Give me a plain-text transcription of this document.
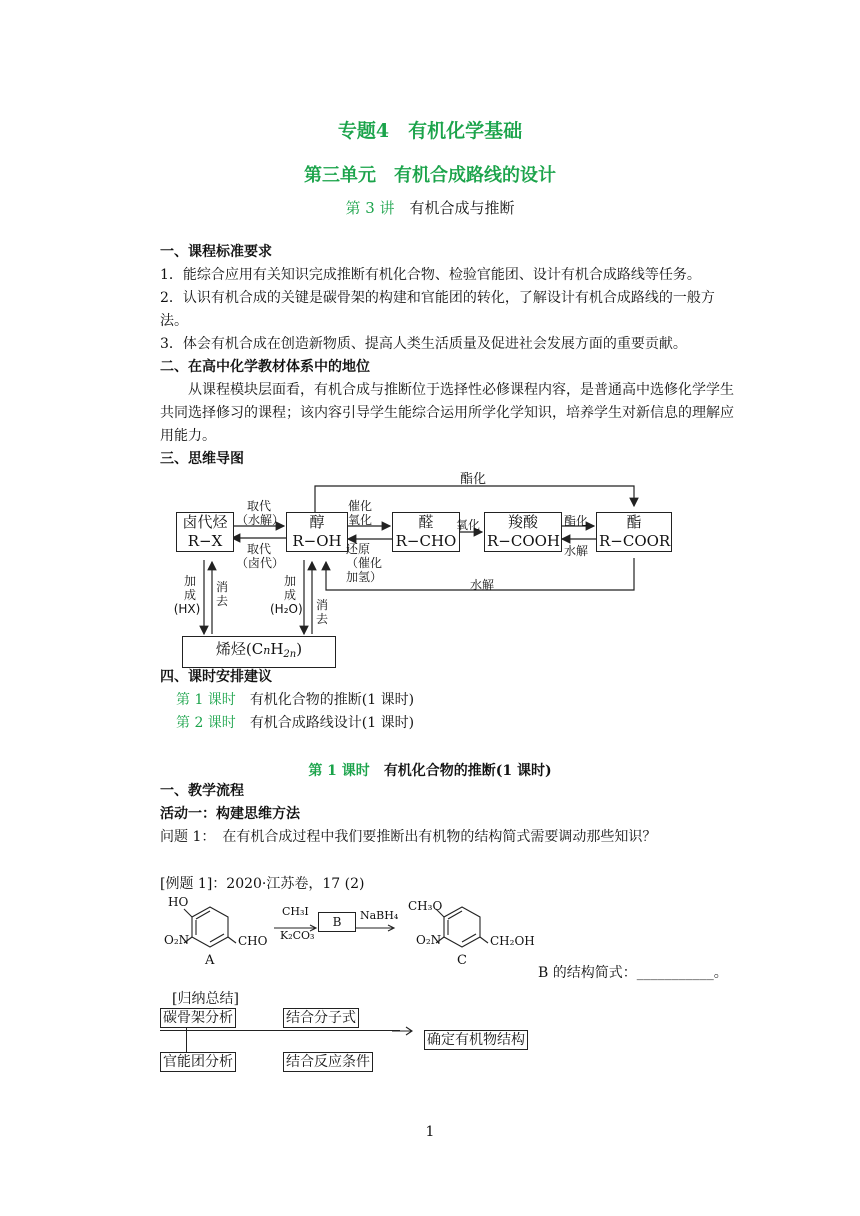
专题4　有机化学基础
第三单元　有机合成路线的设计
第 3 讲　 有机合成与推断
一、课程标准要求
1．能综合应用有关知识完成推断有机化合物、检验官能团、设计有机合成路线等任务。
2．认识有机合成的关键是碳骨架的构建和官能团的转化，了解设计有机合成路线的一般方法。
3．体会有机合成在创造新物质、提高人类生活质量及促进社会发展方面的重要贡献。
二、在高中化学教材体系中的地位
从课程模块层面看，有机合成与推断位于选择性必修课程内容，是普通高中选修化学学生共同选择修习的课程；该内容引导学生能综合运用所学化学知识，培养学生对新信息的理解应用能力。
三、思维导图
卤代烃
R−X
醇
R−OH
醛
R−CHO
羧酸
R−COOH
酯
R−COOR
烯烃(CnH$_{2n}$)
酯化
取代
（水解）
取代
（卤代）
催化
氧化
还原
（催化
加氢）
氧化	酯化
水解
水解
加
成
(HX)
消
去
加
成
(H₂O) 消
去
四、课时安排建议
第 1 课时　 有机化合物的推断(1 课时)
第 2 课时　 有机合成路线设计(1 课时)
第 1 课时　 有机化合物的推断(1 课时)
一、教学流程
活动一：构建思维方法
问题 1：　在有机合成过程中我们要推断出有机物的结构简式需要调动那些知识？
[例题 1]：2020·江苏卷，17 (2)
HO
O₂N	CHO
A
CH₃I
K₂CO₃
B	NaBH₄
CH₃O
O₂N	CH₂OH
C
B 的结构简式：___________。
[归纳总结]
碳骨架分析	结合分子式
官能团分析	结合反应条件
确定有机物结构
1
